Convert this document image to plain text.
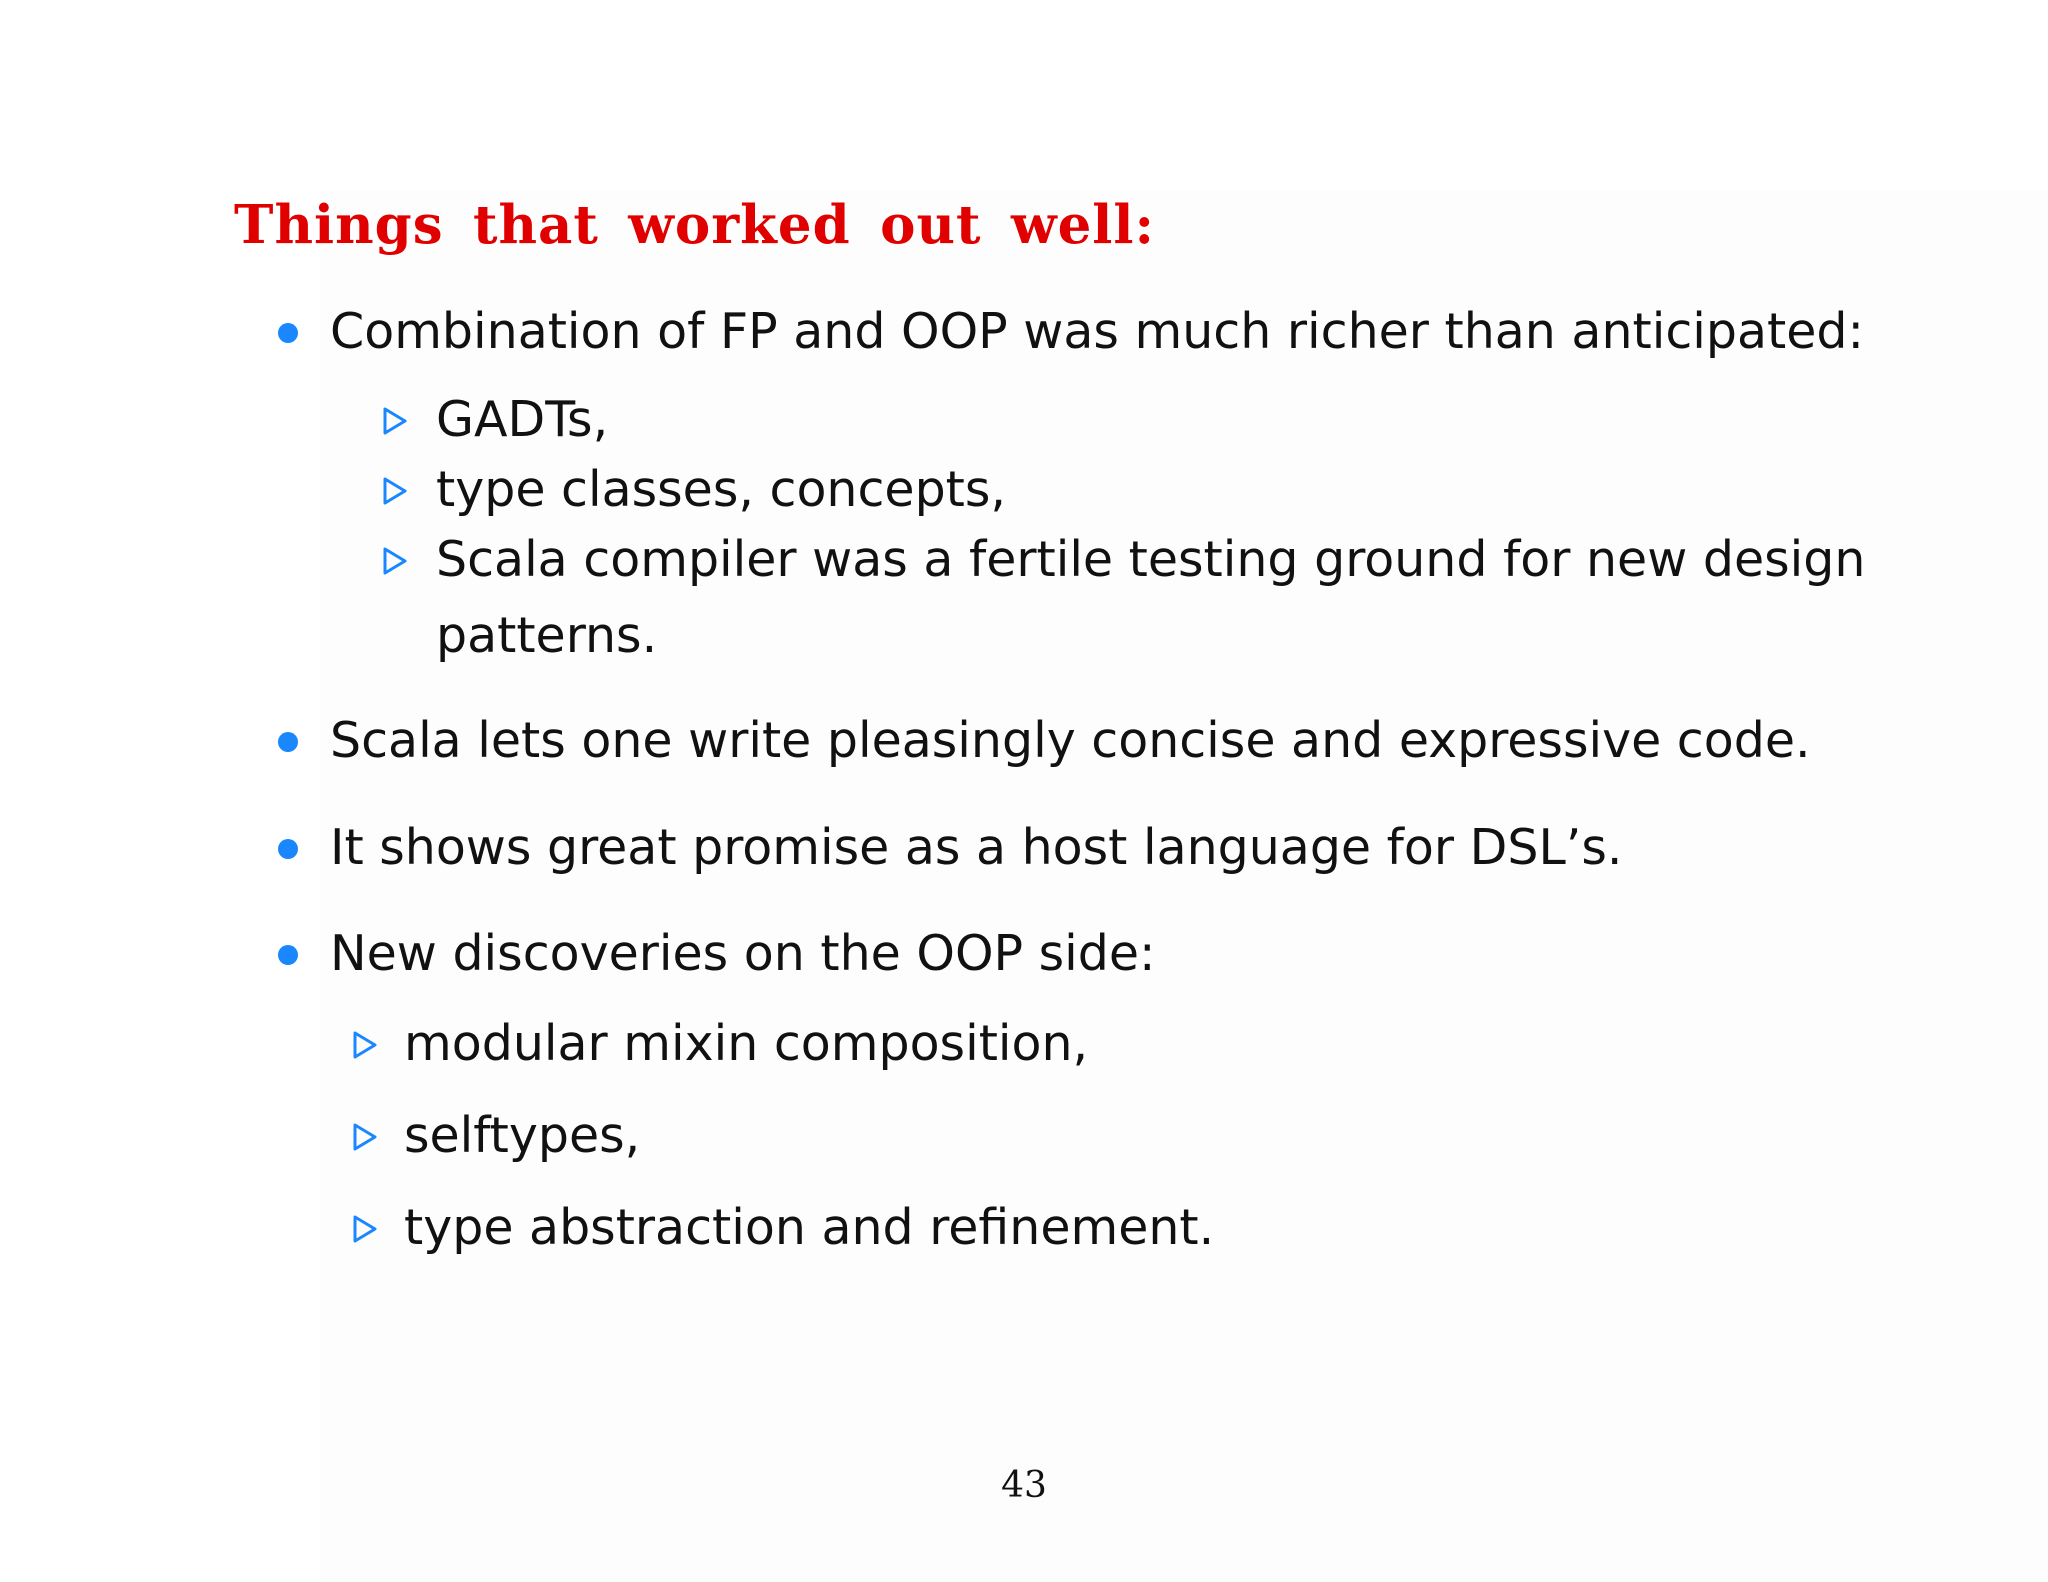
Things that worked out well:
Combination of FP and OOP was much richer than anticipated:
GADTs,
type classes, concepts,
Scala compiler was a fertile testing ground for new design
patterns.
Scala lets one write pleasingly concise and expressive code.
It shows great promise as a host language for DSL’s.
New discoveries on the OOP side:
modular mixin composition,
selftypes,
type abstraction and refinement.
43
